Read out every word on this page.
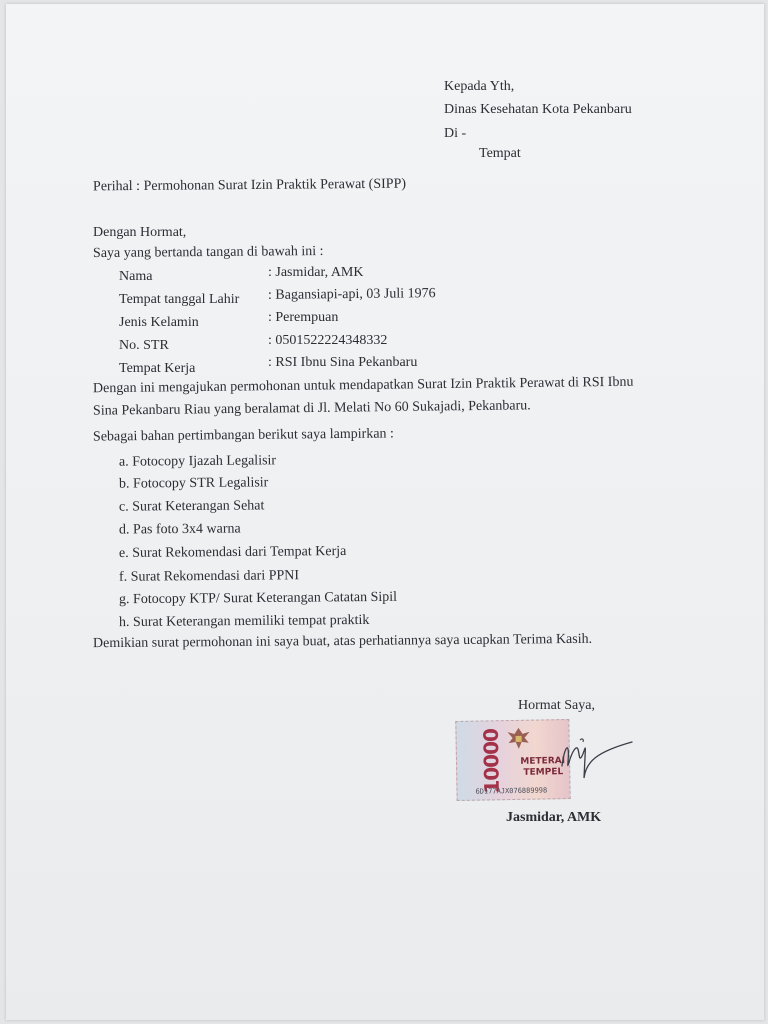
Kepada Yth,
Dinas Kesehatan Kota Pekanbaru
Di -
Tempat
Perihal : Permohonan Surat Izin Praktik Perawat (SIPP)
Dengan Hormat,
Saya yang bertanda tangan di bawah ini :
Nama	: Jasmidar, AMK
Tempat tanggal Lahir : Bagansiapi-api, 03 Juli 1976
Jenis Kelamin	: Perempuan
No. STR	: 0501522224348332
Tempat Kerja	: RSI Ibnu Sina Pekanbaru
Dengan ini mengajukan permohonan untuk mendapatkan Surat Izin Praktik Perawat di RSI Ibnu
Sina Pekanbaru Riau yang beralamat di Jl. Melati No 60 Sukajadi, Pekanbaru.
Sebagai bahan pertimbangan berikut saya lampirkan :
a. Fotocopy Ijazah Legalisir
b. Fotocopy STR Legalisir
c. Surat Keterangan Sehat
d. Pas foto 3x4 warna
e. Surat Rekomendasi dari Tempat Kerja
f. Surat Rekomendasi dari PPNI
g. Fotocopy KTP/ Surat Keterangan Catatan Sipil
h. Surat Keterangan memiliki tempat praktik
Demikian surat permohonan ini saya buat, atas perhatiannya saya ucapkan Terima Kasih.
Hormat Saya,
10000 METERAI
TEMPEL
6D177AJX076889998
Jasmidar, AMK
